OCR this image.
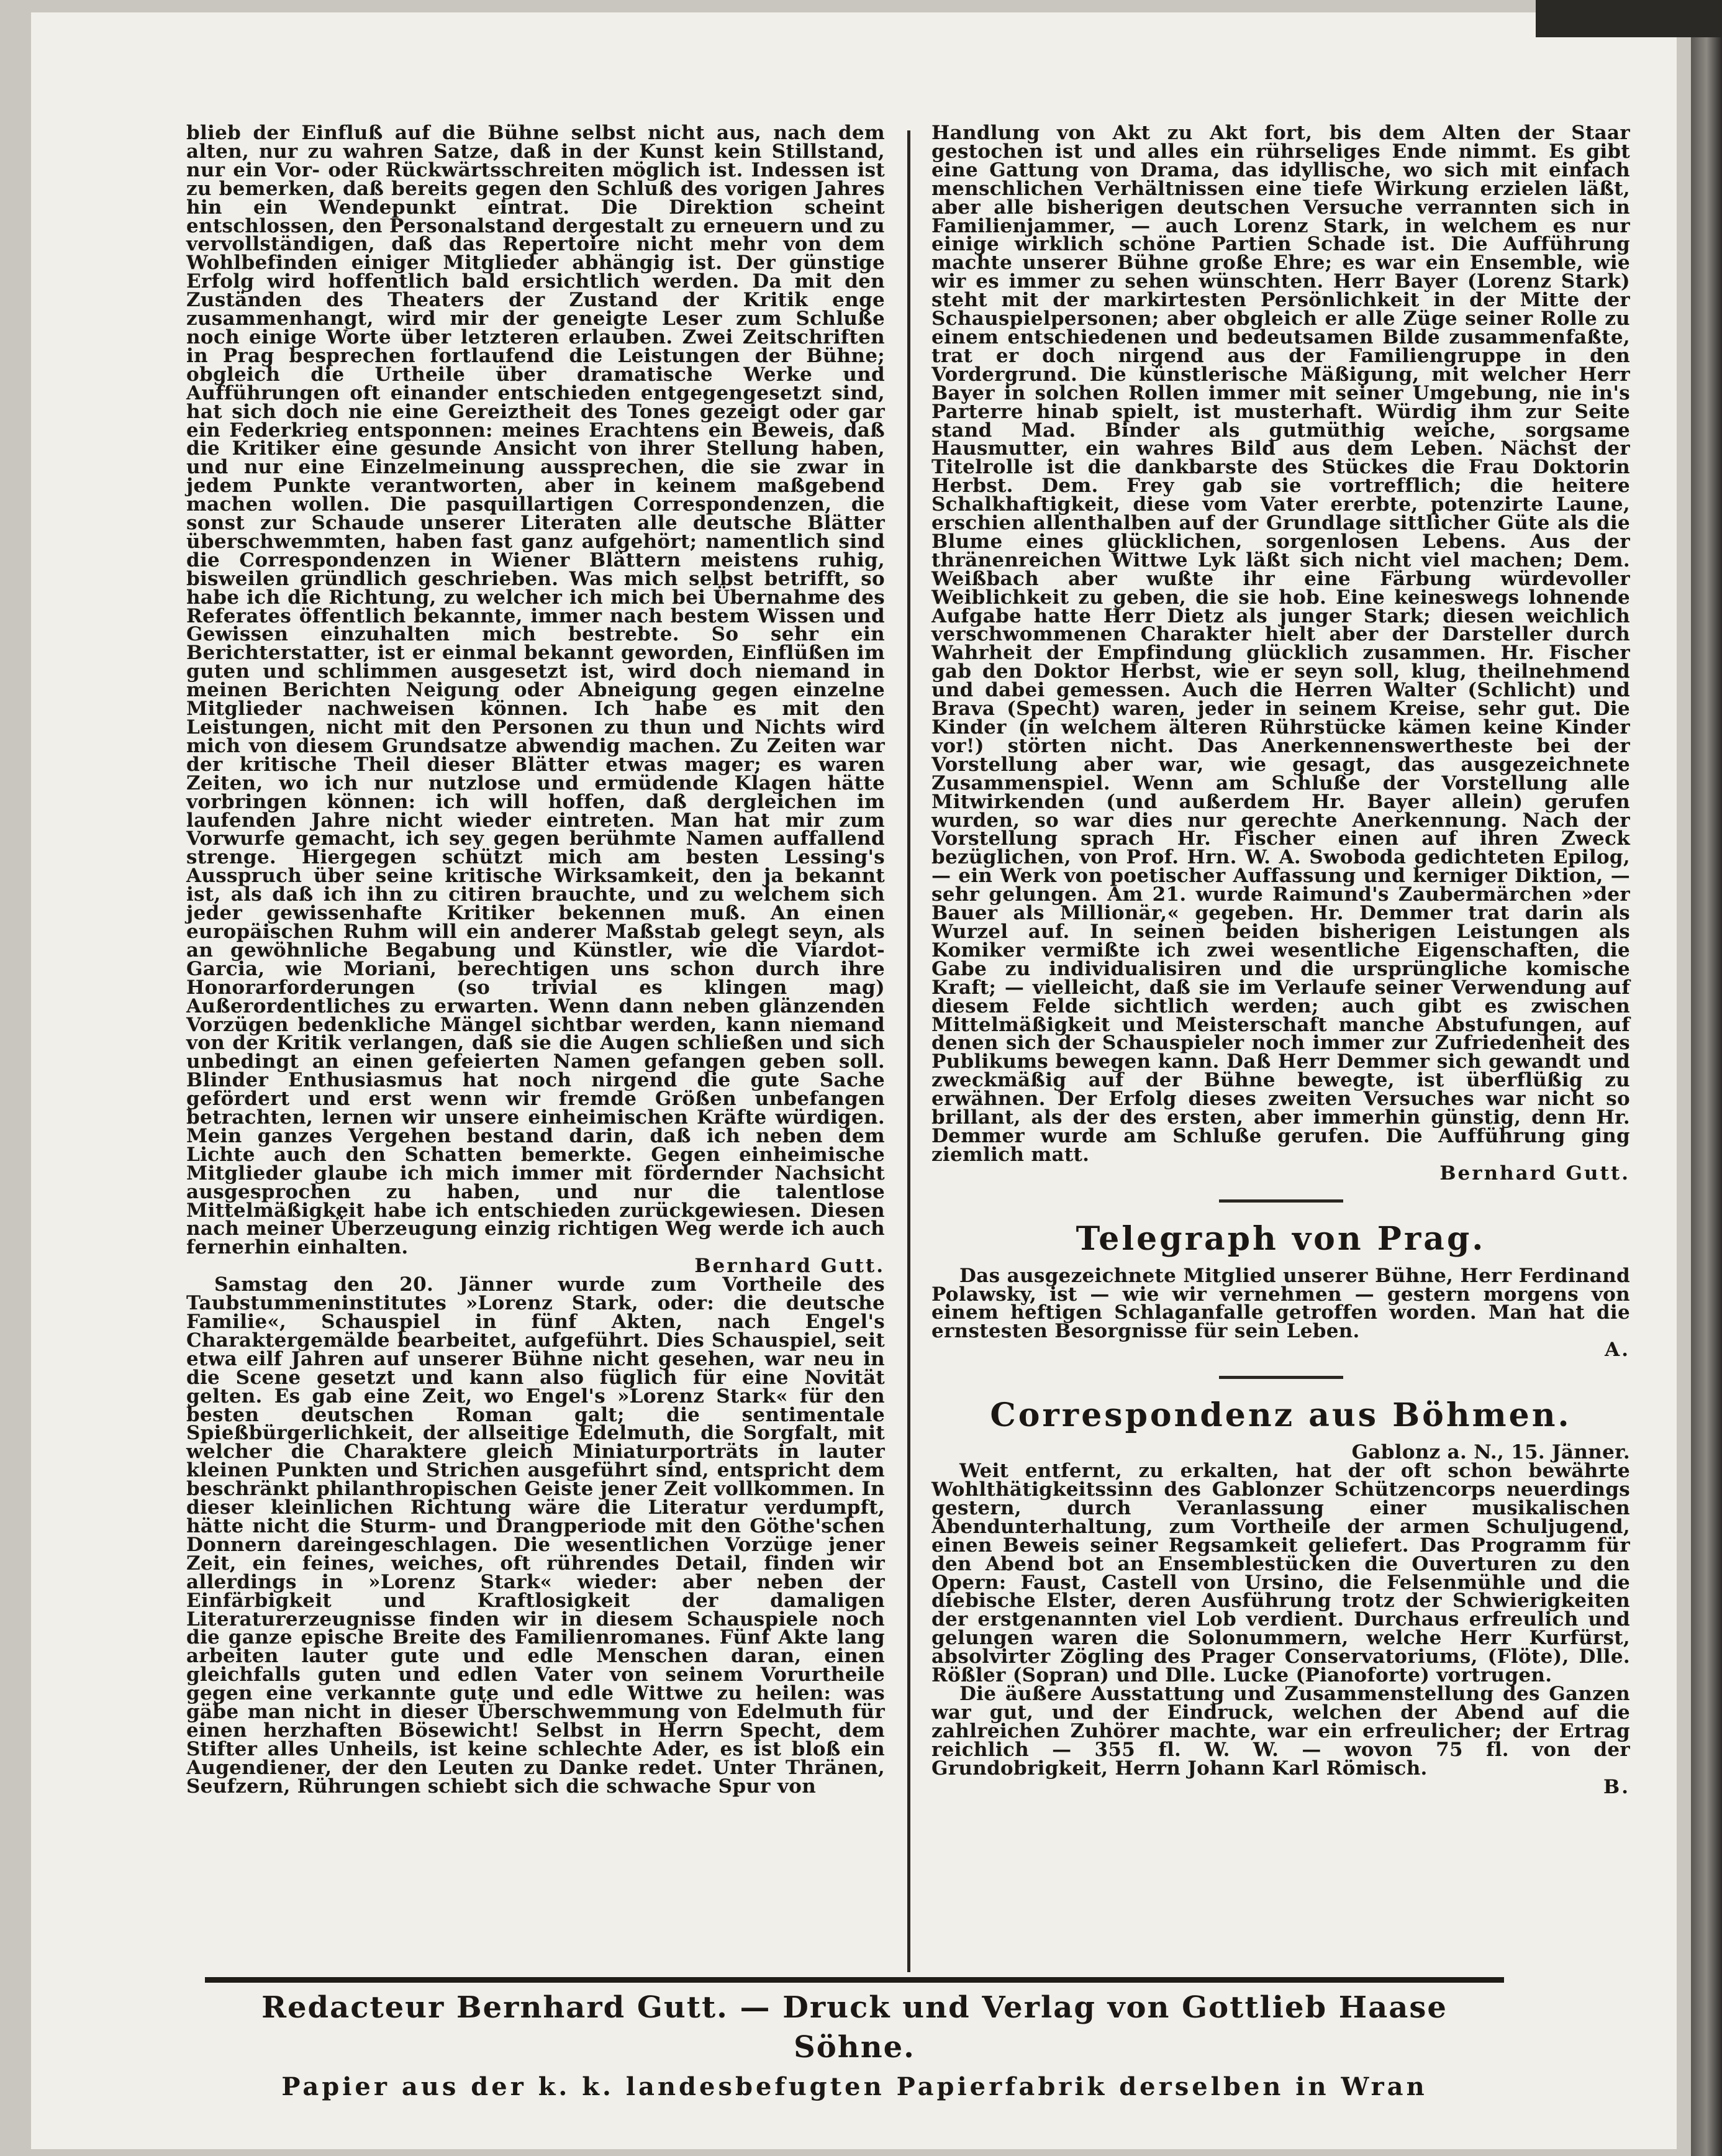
blieb der Einfluß auf die Bühne selbst nicht aus, nach dem alten, nur zu wahren Satze, daß in der Kunst kein Stillstand, nur ein Vor- oder Rückwärtsschreiten möglich ist. Indessen ist zu bemerken, daß bereits gegen den Schluß des vorigen Jahres hin ein Wendepunkt eintrat. Die Direktion scheint entschlossen, den Personalstand dergestalt zu erneuern und zu vervollständigen, daß das Repertoire nicht mehr von dem Wohlbefinden einiger Mitglieder abhängig ist. Der günstige Erfolg wird hoffentlich bald ersichtlich werden. Da mit den Zuständen des Theaters der Zustand der Kritik enge zusammenhangt, wird mir der geneigte Leser zum Schluße noch einige Worte über letzteren erlauben. Zwei Zeitschriften in Prag besprechen fortlaufend die Leistungen der Bühne; obgleich die Urtheile über dramatische Werke und Aufführungen oft einander entschieden entgegengesetzt sind, hat sich doch nie eine Gereiztheit des Tones gezeigt oder gar ein Federkrieg entsponnen: meines Erachtens ein Beweis, daß die Kritiker eine gesunde Ansicht von ihrer Stellung haben, und nur eine Einzelmeinung aussprechen, die sie zwar in jedem Punkte verantworten, aber in keinem maßgebend machen wollen. Die pasquillartigen Correspondenzen, die sonst zur Schaude unserer Literaten alle deutsche Blätter überschwemmten, haben fast ganz aufgehört; namentlich sind die Correspondenzen in Wiener Blättern meistens ruhig, bisweilen gründlich geschrieben. Was mich selbst betrifft, so habe ich die Richtung, zu welcher ich mich bei Übernahme des Referates öffentlich bekannte, immer nach bestem Wissen und Gewissen einzuhalten mich bestrebte. So sehr ein Berichterstatter, ist er einmal bekannt geworden, Einflüßen im guten und schlimmen ausgesetzt ist, wird doch niemand in meinen Berichten Neigung oder Abneigung gegen einzelne Mitglieder nachweisen können. Ich habe es mit den Leistungen, nicht mit den Personen zu thun und Nichts wird mich von diesem Grundsatze abwendig machen. Zu Zeiten war der kritische Theil dieser Blätter etwas mager; es waren Zeiten, wo ich nur nutzlose und ermüdende Klagen hätte vorbringen können: ich will hoffen, daß dergleichen im laufenden Jahre nicht wieder eintreten. Man hat mir zum Vorwurfe gemacht, ich sey gegen berühmte Namen auffallend strenge. Hiergegen schützt mich am besten Lessing's Ausspruch über seine kritische Wirksamkeit, den ja bekannt ist, als daß ich ihn zu citiren brauchte, und zu welchem sich jeder gewissenhafte Kritiker bekennen muß. An einen europäischen Ruhm will ein anderer Maßstab gelegt seyn, als an gewöhnliche Begabung und Künstler, wie die Viardot-Garcia, wie Moriani, berechtigen uns schon durch ihre Honorarforderungen (so trivial es klingen mag) Außerordentliches zu erwarten. Wenn dann neben glänzenden Vorzügen bedenkliche Mängel sichtbar werden, kann niemand von der Kritik verlangen, daß sie die Augen schließen und sich unbedingt an einen gefeierten Namen gefangen geben soll. Blinder Enthusiasmus hat noch nirgend die gute Sache gefördert und erst wenn wir fremde Größen unbefangen betrachten, lernen wir unsere einheimischen Kräfte würdigen. Mein ganzes Vergehen bestand darin, daß ich neben dem Lichte auch den Schatten bemerkte. Gegen einheimische Mitglieder glaube ich mich immer mit fördernder Nachsicht ausgesprochen zu haben, und nur die talentlose Mittelmäßigkeit habe ich entschieden zurückgewiesen. Diesen nach meiner Überzeugung einzig richtigen Weg werde ich auch fernerhin einhalten.

Bernhard Gutt.

Samstag den 20. Jänner wurde zum Vortheile des Taubstummeninstitutes »Lorenz Stark, oder: die deutsche Familie«, Schauspiel in fünf Akten, nach Engel's Charaktergemälde bearbeitet, aufgeführt. Dies Schauspiel, seit etwa eilf Jahren auf unserer Bühne nicht gesehen, war neu in die Scene gesetzt und kann also füglich für eine Novität gelten. Es gab eine Zeit, wo Engel's »Lorenz Stark« für den besten deutschen Roman galt; die sentimentale Spießbürgerlichkeit, der allseitige Edelmuth, die Sorgfalt, mit welcher die Charaktere gleich Miniaturporträts in lauter kleinen Punkten und Strichen ausgeführt sind, entspricht dem beschränkt philanthropischen Geiste jener Zeit vollkommen. In dieser kleinlichen Richtung wäre die Literatur verdumpft, hätte nicht die Sturm- und Drangperiode mit den Göthe'schen Donnern dareingeschlagen. Die wesentlichen Vorzüge jener Zeit, ein feines, weiches, oft rührendes Detail, finden wir allerdings in »Lorenz Stark« wieder: aber neben der Einfärbigkeit und Kraftlosigkeit der damaligen Literaturerzeugnisse finden wir in diesem Schauspiele noch die ganze epische Breite des Familienromanes. Fünf Akte lang arbeiten lauter gute und edle Menschen daran, einen gleichfalls guten und edlen Vater von seinem Vorurtheile gegen eine verkannte gute und edle Wittwe zu heilen: was gäbe man nicht in dieser Überschwemmung von Edelmuth für einen herzhaften Bösewicht! Selbst in Herrn Specht, dem Stifter alles Unheils, ist keine schlechte Ader, es ist bloß ein Augendiener, der den Leuten zu Danke redet. Unter Thränen, Seufzern, Rührungen schiebt sich die schwache Spur von

Handlung von Akt zu Akt fort, bis dem Alten der Staar gestochen ist und alles ein rührseliges Ende nimmt. Es gibt eine Gattung von Drama, das idyllische, wo sich mit einfach menschlichen Verhältnissen eine tiefe Wirkung erzielen läßt, aber alle bisherigen deutschen Versuche verrannten sich in Familienjammer, — auch Lorenz Stark, in welchem es nur einige wirklich schöne Partien Schade ist. Die Aufführung machte unserer Bühne große Ehre; es war ein Ensemble, wie wir es immer zu sehen wünschten. Herr Bayer (Lorenz Stark) steht mit der markirtesten Persönlichkeit in der Mitte der Schauspielpersonen; aber obgleich er alle Züge seiner Rolle zu einem entschiedenen und bedeutsamen Bilde zusammenfaßte, trat er doch nirgend aus der Familiengruppe in den Vordergrund. Die künstlerische Mäßigung, mit welcher Herr Bayer in solchen Rollen immer mit seiner Umgebung, nie in's Parterre hinab spielt, ist musterhaft. Würdig ihm zur Seite stand Mad. Binder als gutmüthig weiche, sorgsame Hausmutter, ein wahres Bild aus dem Leben. Nächst der Titelrolle ist die dankbarste des Stückes die Frau Doktorin Herbst. Dem. Frey gab sie vortrefflich; die heitere Schalkhaftigkeit, diese vom Vater ererbte, potenzirte Laune, erschien allenthalben auf der Grundlage sittlicher Güte als die Blume eines glücklichen, sorgenlosen Lebens. Aus der thränenreichen Wittwe Lyk läßt sich nicht viel machen; Dem. Weißbach aber wußte ihr eine Färbung würdevoller Weiblichkeit zu geben, die sie hob. Eine keineswegs lohnende Aufgabe hatte Herr Dietz als junger Stark; diesen weichlich verschwommenen Charakter hielt aber der Darsteller durch Wahrheit der Empfindung glücklich zusammen. Hr. Fischer gab den Doktor Herbst, wie er seyn soll, klug, theilnehmend und dabei gemessen. Auch die Herren Walter (Schlicht) und Brava (Specht) waren, jeder in seinem Kreise, sehr gut. Die Kinder (in welchem älteren Rührstücke kämen keine Kinder vor!) störten nicht. Das Anerkennenswertheste bei der Vorstellung aber war, wie gesagt, das ausgezeichnete Zusammenspiel. Wenn am Schluße der Vorstellung alle Mitwirkenden (und außerdem Hr. Bayer allein) gerufen wurden, so war dies nur gerechte Anerkennung. Nach der Vorstellung sprach Hr. Fischer einen auf ihren Zweck bezüglichen, von Prof. Hrn. W. A. Swoboda gedichteten Epilog, — ein Werk von poetischer Auffassung und kerniger Diktion, — sehr gelungen. Am 21. wurde Raimund's Zaubermärchen »der Bauer als Millionär,« gegeben. Hr. Demmer trat darin als Wurzel auf. In seinen beiden bisherigen Leistungen als Komiker vermißte ich zwei wesentliche Eigenschaften, die Gabe zu individualisiren und die ursprüngliche komische Kraft; — vielleicht, daß sie im Verlaufe seiner Verwendung auf diesem Felde sichtlich werden; auch gibt es zwischen Mittelmäßigkeit und Meisterschaft manche Abstufungen, auf denen sich der Schauspieler noch immer zur Zufriedenheit des Publikums bewegen kann. Daß Herr Demmer sich gewandt und zweckmäßig auf der Bühne bewegte, ist überflüßig zu erwähnen. Der Erfolg dieses zweiten Versuches war nicht so brillant, als der des ersten, aber immerhin günstig, denn Hr. Demmer wurde am Schluße gerufen. Die Aufführung ging ziemlich matt.

Bernhard Gutt.

Telegraph von Prag.

Das ausgezeichnete Mitglied unserer Bühne, Herr Ferdinand Polawsky, ist — wie wir vernehmen — gestern morgens von einem heftigen Schlaganfalle getroffen worden. Man hat die ernstesten Besorgnisse für sein Leben.

A.

Correspondenz aus Böhmen.

Gablonz a. N., 15. Jänner.

Weit entfernt, zu erkalten, hat der oft schon bewährte Wohlthätigkeitssinn des Gablonzer Schützencorps neuerdings gestern, durch Veranlassung einer musikalischen Abendunterhaltung, zum Vortheile der armen Schuljugend, einen Beweis seiner Regsamkeit geliefert. Das Programm für den Abend bot an Ensemblestücken die Ouverturen zu den Opern: Faust, Castell von Ursino, die Felsenmühle und die diebische Elster, deren Ausführung trotz der Schwierigkeiten der erstgenannten viel Lob verdient. Durchaus erfreulich und gelungen waren die Solonummern, welche Herr Kurfürst, absolvirter Zögling des Prager Conservatoriums, (Flöte), Dlle. Rößler (Sopran) und Dlle. Lucke (Pianoforte) vortrugen.

Die äußere Ausstattung und Zusammenstellung des Ganzen war gut, und der Eindruck, welchen der Abend auf die zahlreichen Zuhörer machte, war ein erfreulicher; der Ertrag reichlich — 355 fl. W. W. — wovon 75 fl. von der Grundobrigkeit, Herrn Johann Karl Römisch.

B.

Redacteur Bernhard Gutt. — Druck und Verlag von Gottlieb Haase Söhne.
Papier aus der k. k. landesbefugten Papierfabrik derselben in Wran
